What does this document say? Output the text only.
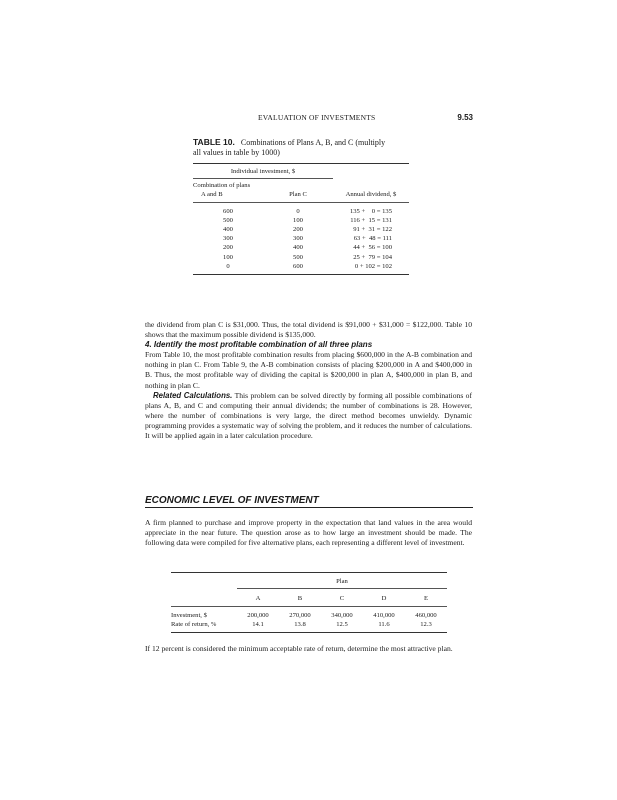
EVALUATION OF INVESTMENTS	9.53
TABLE 10. Combinations of Plans A, B, and C (multiply
all values in table by 1000)
Individual investment, $		

Combination of plans
A and B	Plan C	Annual dividend, $
600	0	135 +    0 = 135
500	100	116 +  15 = 131
400	200	91 +  31 = 122
300	300	63 +  48 = 111
200	400	44 +  56 = 100
100	500	25 +  79 = 104
0	600	0 + 102 = 102

the dividend from plan C is $31,000. Thus, the total dividend is $91,000 + $31,000 = $122,000. Table 10 shows that the maximum possible dividend is $135,000.

4. Identify the most profitable combination of all three plans

From Table 10, the most profitable combination results from placing $600,000 in the A-B combination and nothing in plan C. From Table 9, the A-B combination consists of placing $200,000 in A and $400,000 in B. Thus, the most profitable way of dividing the capital is $200,000 in plan A, $400,000 in plan B, and nothing in plan C.

Related Calculations. This problem can be solved directly by forming all possible combinations of plans A, B, and C and computing their annual dividends; the number of combinations is 28. However, where the number of combinations is very large, the direct method becomes unwieldy. Dynamic programming provides a systematic way of solving the problem, and it reduces the number of calculations. It will be applied again in a later calculation procedure.

ECONOMIC LEVEL OF INVESTMENT

A firm planned to purchase and improve property in the expectation that land values in the area would appreciate in the near future. The question arose as to how large an investment should be made. The following data were compiled for five alternative plans, each representing a different level of investment.

	Plan				

	A	B	C	D	E
Investment, $	200,000	270,000	340,000	410,000	460,000
Rate of return, %	14.1	13.8	12.5	11.6	12.3

If 12 percent is considered the minimum acceptable rate of return, determine the most attractive plan.
